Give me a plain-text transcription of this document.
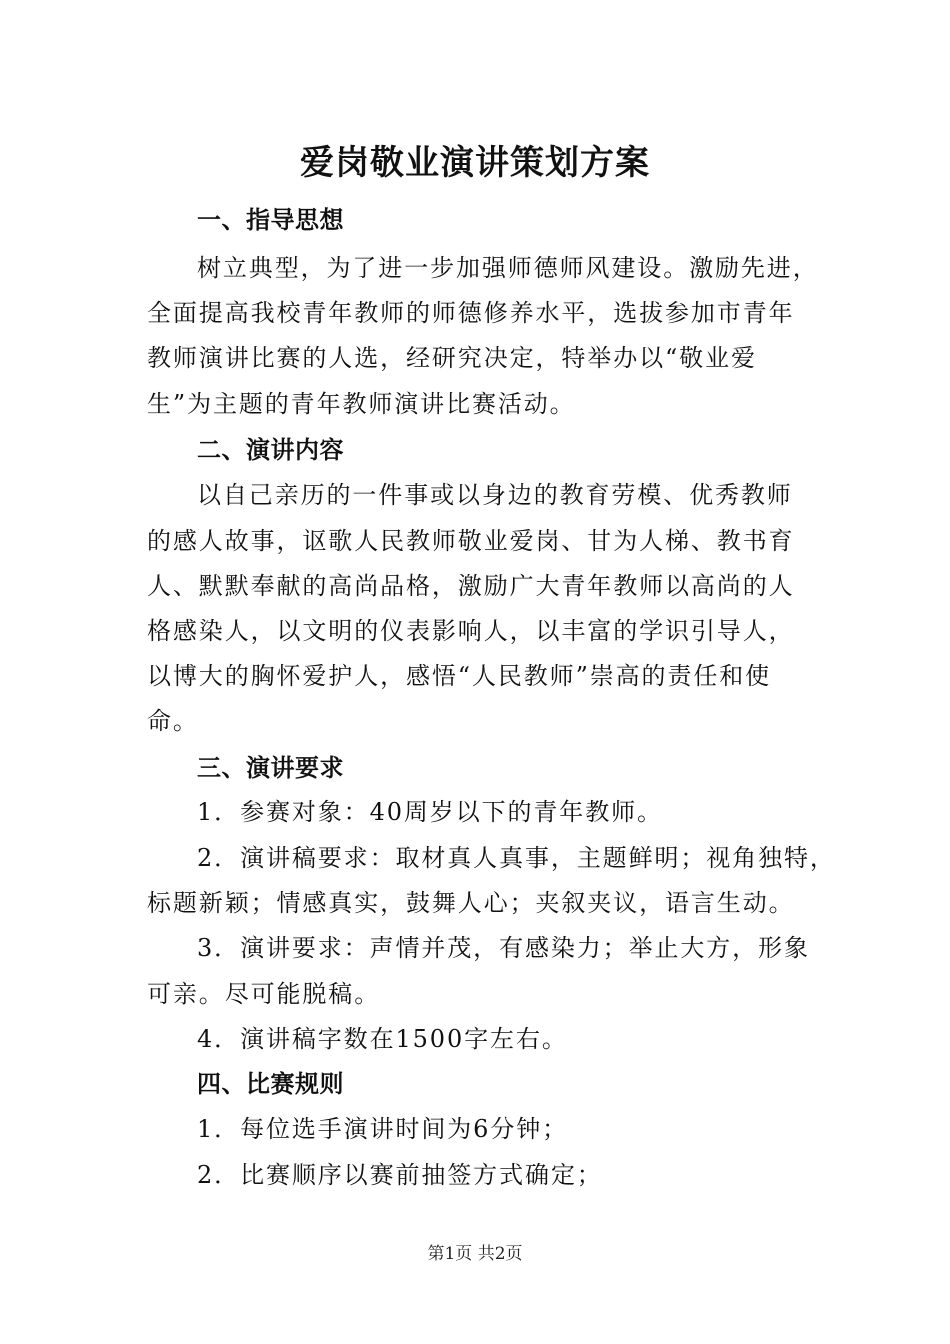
爱岗敬业演讲策划方案
一、指导思想
树立典型，为了进一步加强师德师风建设。激励先进，
全面提高我校青年教师的师德修养水平，选拔参加市青年
教师演讲比赛的人选，经研究决定，特举办以“敬业爱
生”为主题的青年教师演讲比赛活动。
二、演讲内容
以自己亲历的一件事或以身边的教育劳模、优秀教师
的感人故事，讴歌人民教师敬业爱岗、甘为人梯、教书育
人、默默奉献的高尚品格，激励广大青年教师以高尚的人
格感染人，以文明的仪表影响人，以丰富的学识引导人，
以博大的胸怀爱护人，感悟“人民教师”崇高的责任和使
命。
三、演讲要求
1．参赛对象：40周岁以下的青年教师。
2．演讲稿要求：取材真人真事，主题鲜明；视角独特，
标题新颖；情感真实，鼓舞人心；夹叙夹议，语言生动。
3．演讲要求：声情并茂，有感染力；举止大方，形象
可亲。尽可能脱稿。
4．演讲稿字数在1500字左右。
四、比赛规则
1．每位选手演讲时间为6分钟；
2．比赛顺序以赛前抽签方式确定；
第1页 共2页
